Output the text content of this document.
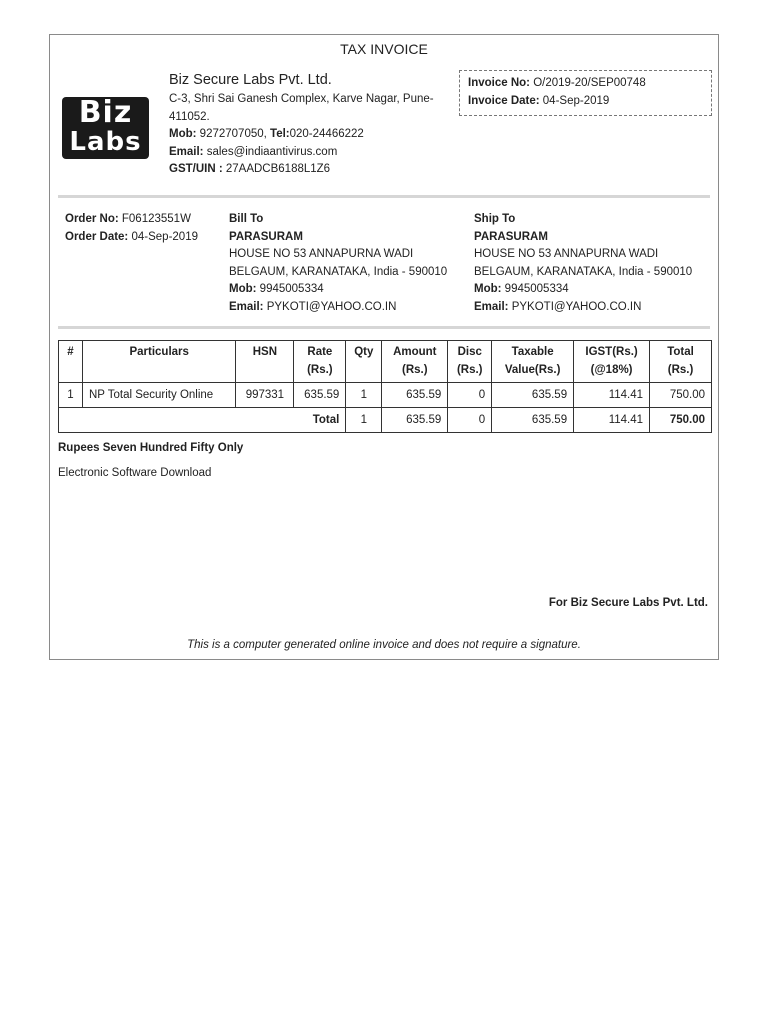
TAX INVOICE
Biz
Labs
Biz Secure Labs Pvt. Ltd.
C-3, Shri Sai Ganesh Complex, Karve Nagar, Pune-
411052.
Mob: 9272707050, Tel:020-24466222
Email: sales@indiaantivirus.com
GST/UIN : 27AADCB6188L1Z6
Invoice No: O/2019-20/SEP00748
Invoice Date: 04-Sep-2019
Order No: F06123551W
Order Date: 04-Sep-2019
Bill To
PARASURAM
HOUSE NO 53 ANNAPURNA WADI
BELGAUM, KARANATAKA, India - 590010
Mob: 9945005334
Email: PYKOTI@YAHOO.CO.IN
Ship To
PARASURAM
HOUSE NO 53 ANNAPURNA WADI
BELGAUM, KARANATAKA, India - 590010
Mob: 9945005334
Email: PYKOTI@YAHOO.CO.IN
#	Particulars	HSN	Rate
(Rs.)	Qty	Amount
(Rs.)	Disc
(Rs.)	Taxable
Value(Rs.)	IGST(Rs.)
(@18%)	Total
(Rs.)
1	NP Total Security Online	997331	635.59	1	635.59	0	635.59	114.41	750.00
Total				1	635.59	0	635.59	114.41	750.00
Rupees Seven Hundred Fifty Only
Electronic Software Download
For Biz Secure Labs Pvt. Ltd.
This is a computer generated online invoice and does not require a signature.
